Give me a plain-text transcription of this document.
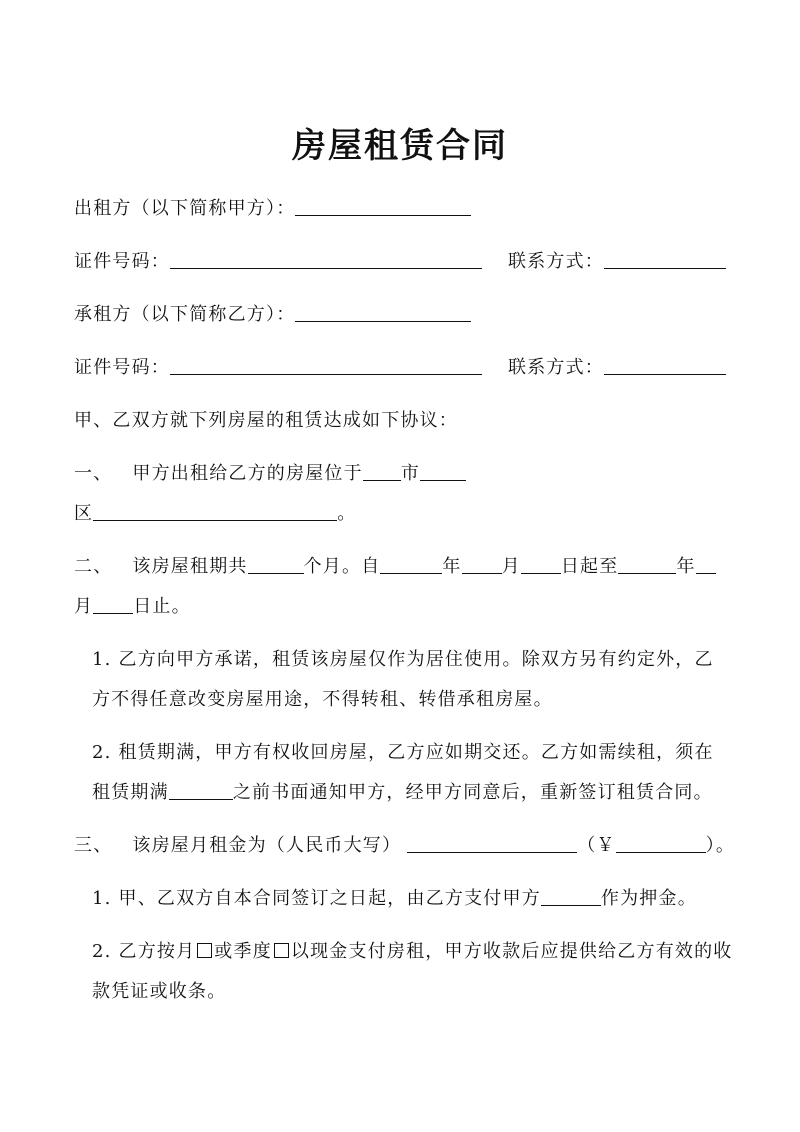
房屋租赁合同
出租方（以下简称甲方）：
证件号码：	联系方式：
承租方（以下简称乙方）：
证件号码：	联系方式：
甲、乙双方就下列房屋的租赁达成如下协议：
一、 甲方出租给乙方的房屋位于 市
区	。
二、 该房屋租期共	个月。自	年 月 日起至	年
月 日止。
1. 乙方向甲方承诺，租赁该房屋仅作为居住使用。除双方另有约定外，乙
方不得任意改变房屋用途，不得转租、转借承租房屋。
2. 租赁期满，甲方有权收回房屋，乙方应如期交还。乙方如需续租，须在
租赁期满	之前书面通知甲方，经甲方同意后，重新签订租赁合同。
三、 该房屋月租金为（人民币大写）	（￥	）。
1. 甲、乙双方自本合同签订之日起，由乙方支付甲方	作为押金。
2. 乙方按月 或季度 以现金支付房租，甲方收款后应提供给乙方有效的收
款凭证或收条。
